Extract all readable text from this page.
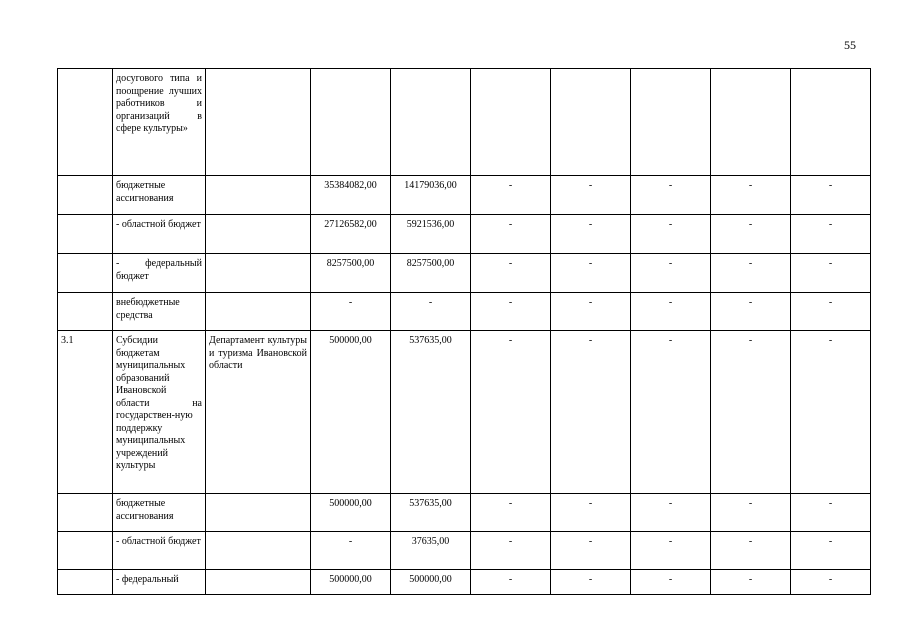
55
	досугового типа и поощрение лучших работников и организаций в сфере культуры»								
	бюджетные ассигнования		35384082,00	14179036,00	-	-	-	-	-
	- областной бюджет		27126582,00	5921536,00	-	-	-	-	-
	- федеральный бюджет		8257500,00	8257500,00	-	-	-	-	-
	внебюджетные средства		-	-	-	-	-	-	-
3.1	Субсидии бюджетам муниципальных образований Ивановской области на государствен-ную поддержку муниципальных учреждений культуры	Департамент культуры и туризма Ивановской области	500000,00	537635,00	-	-	-	-	-
	бюджетные ассигнования		500000,00	537635,00	-	-	-	-	-
	- областной бюджет		-	37635,00	-	-	-	-	-
	- федеральный		500000,00	500000,00	-	-	-	-	-
